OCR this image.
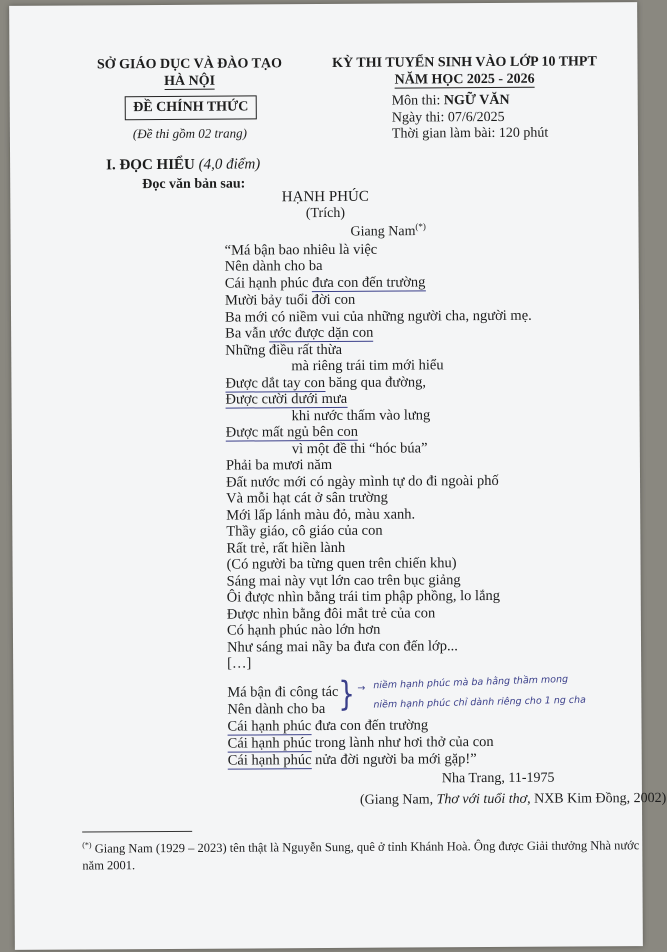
SỞ GIÁO DỤC VÀ ĐÀO TẠO
HÀ NỘI
ĐỀ CHÍNH THỨC
(Đề thi gồm 02 trang)
KỲ THI TUYỂN SINH VÀO LỚP 10 THPT
NĂM HỌC 2025 - 2026
Môn thi: NGỮ VĂN
Ngày thi: 07/6/2025
Thời gian làm bài: 120 phút
I. ĐỌC HIỂU (4,0 điểm)
Đọc văn bản sau:
HẠNH PHÚC
(Trích)
Giang Nam(*)
“Má bận bao nhiêu là việc
Nên dành cho ba
Cái hạnh phúc đưa con đến trường
Mười bảy tuổi đời con
Ba mới có niềm vui của những người cha, người mẹ.
Ba vẫn ước được dặn con
Những điều rất thừa
mà riêng trái tim mới hiểu
Được dắt tay con băng qua đường,
Được cười dưới mưa
khi nước thấm vào lưng
Được mất ngủ bên con
vì một đề thi “hóc búa”
Phải ba mươi năm
Đất nước mới có ngày mình tự do đi ngoài phố
Và mỗi hạt cát ở sân trường
Mới lấp lánh màu đỏ, màu xanh.
Thầy giáo, cô giáo của con
Rất trẻ, rất hiền lành
(Có người ba từng quen trên chiến khu)
Sáng mai này vụt lớn cao trên bục giảng
Ôi được nhìn bằng trái tim phập phồng, lo lắng
Được nhìn bằng đôi mắt trẻ của con
Có hạnh phúc nào lớn hơn
Như sáng mai nầy ba đưa con đến lớp...
[…]
Má bận đi công tác
Nên dành cho ba
Cái hạnh phúc đưa con đến trường
Cái hạnh phúc trong lành như hơi thở của con
Cái hạnh phúc nửa đời người ba mới gặp!”
} → niềm hạnh phúc mà ba hằng thầm mong
niềm hạnh phúc chỉ dành riêng cho 1 ng cha
Nha Trang, 11-1975
(Giang Nam, Thơ với tuổi thơ, NXB Kim Đồng, 2002)
(*) Giang Nam (1929 – 2023) tên thật là Nguyễn Sung, quê ở tỉnh Khánh Hoà. Ông được Giải thưởng Nhà nước năm 2001.
